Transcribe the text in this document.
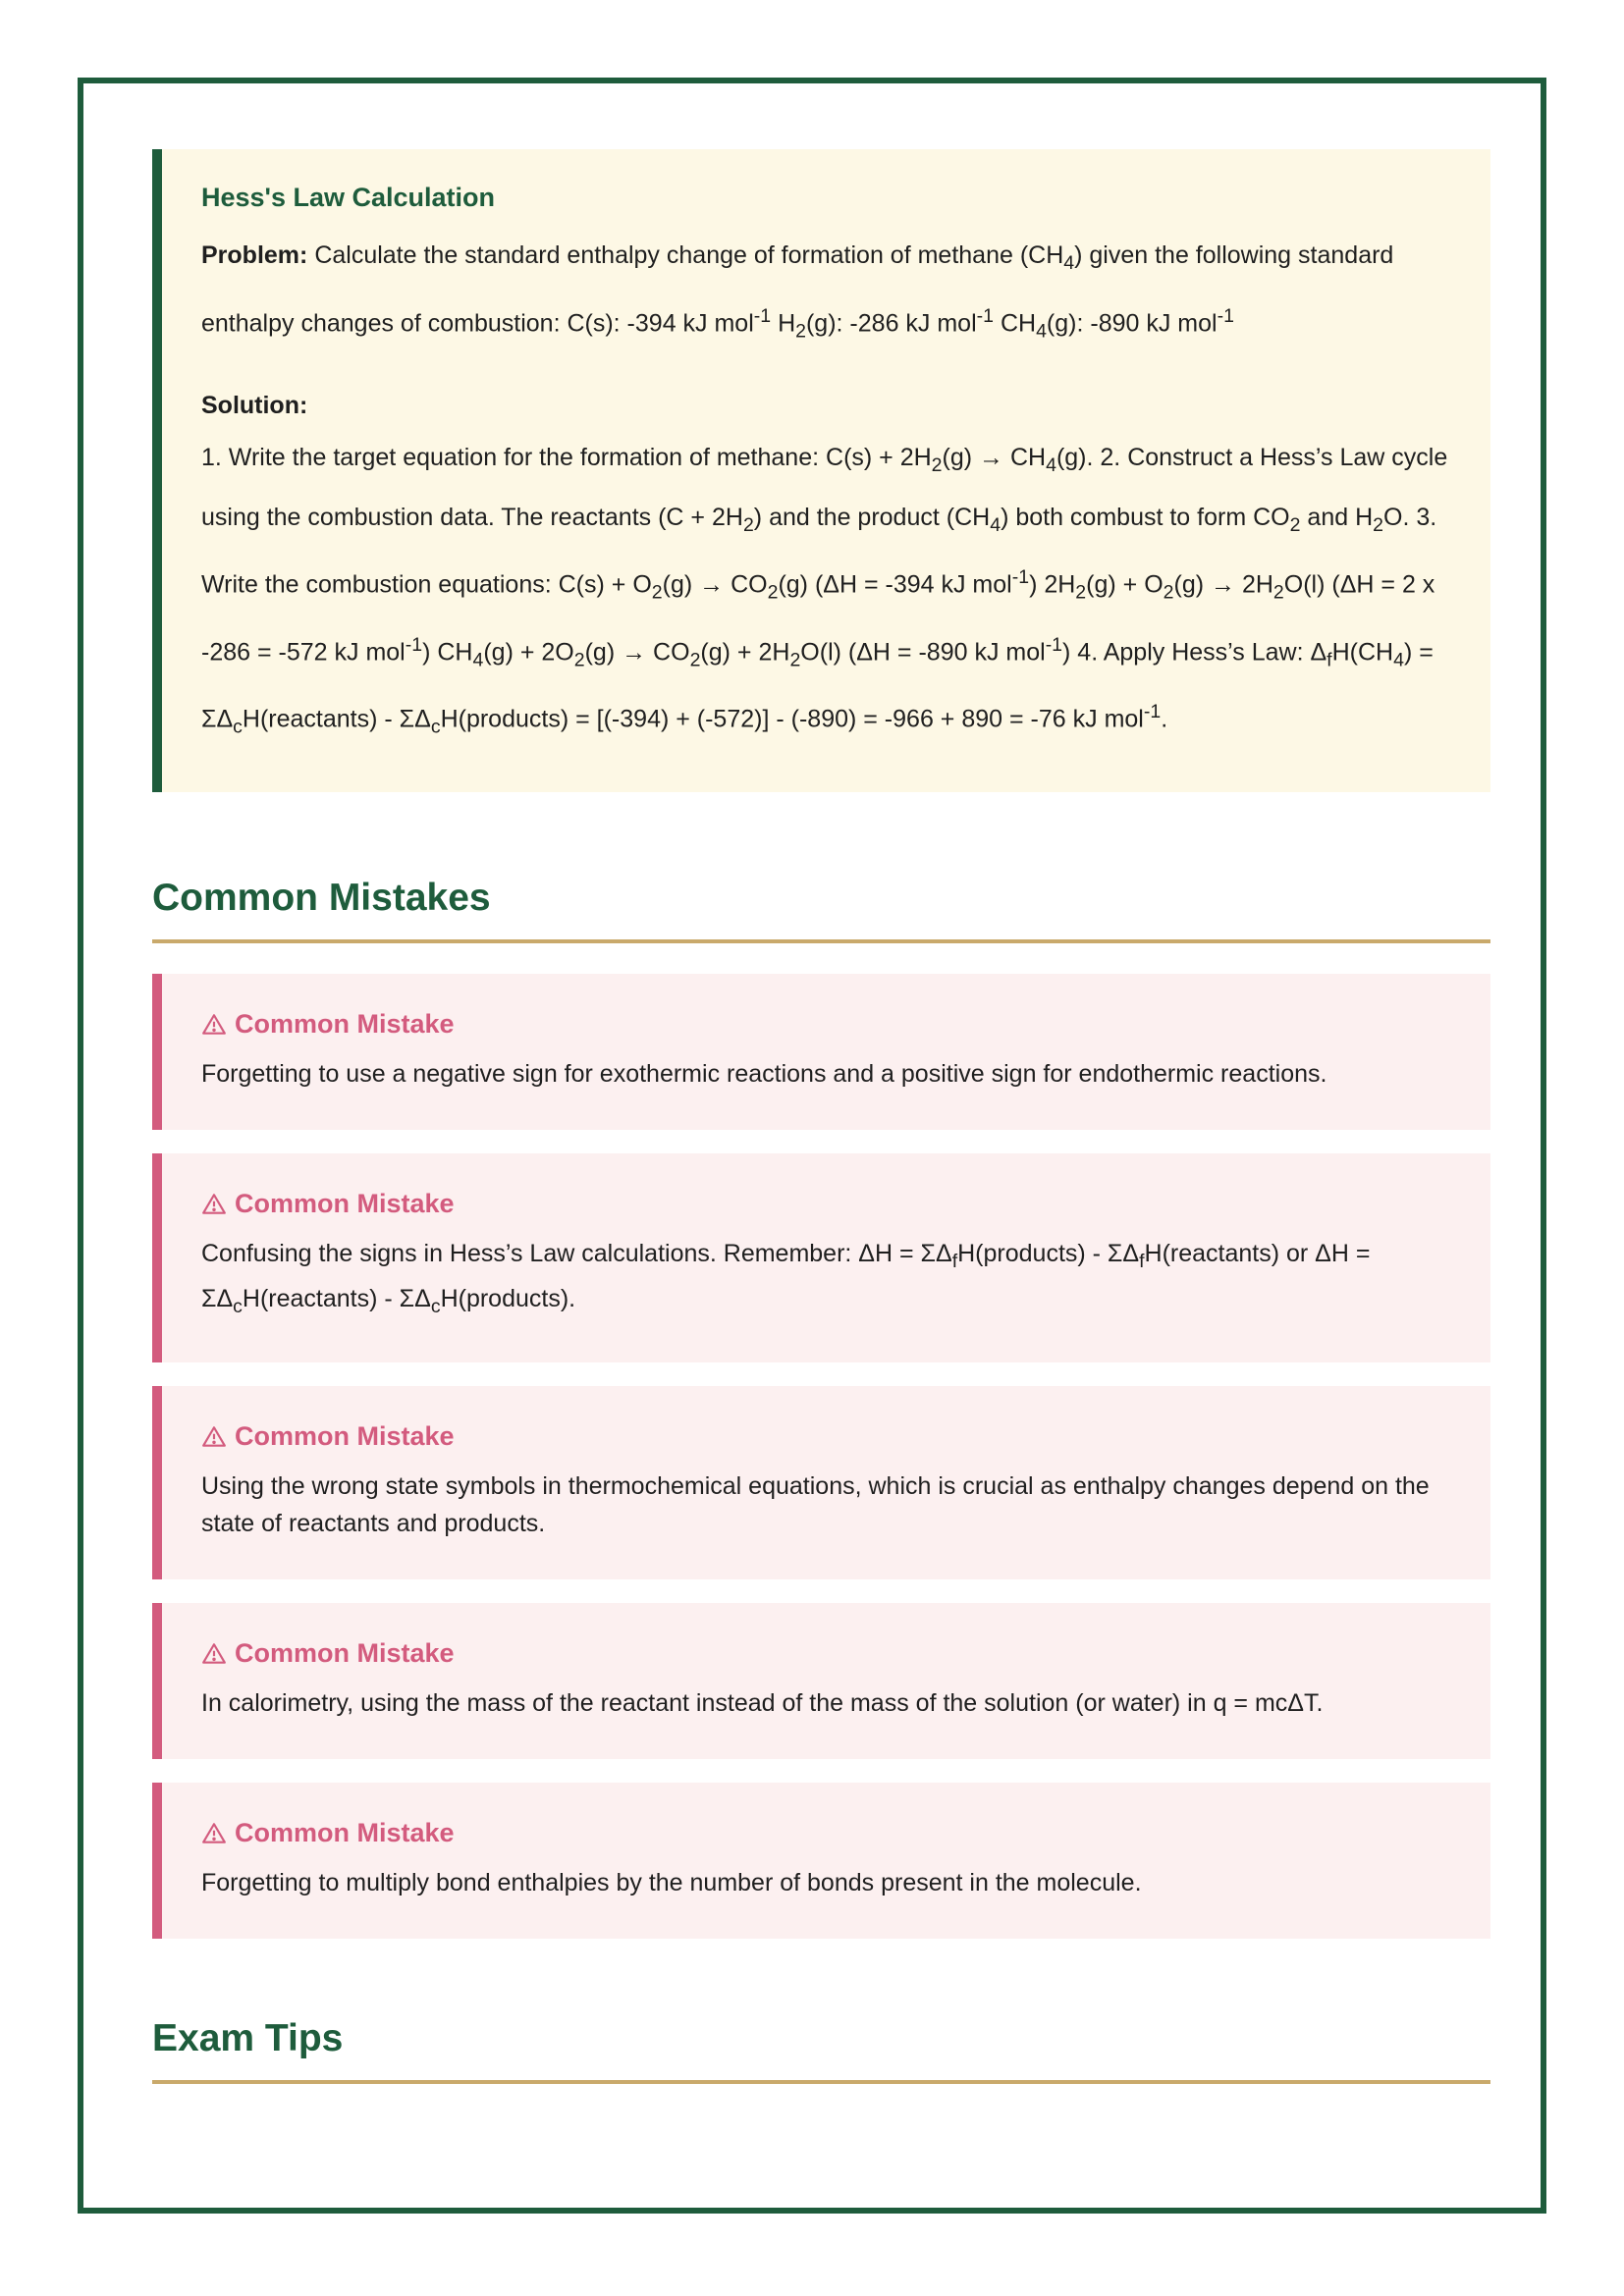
Hess's Law Calculation

Problem: Calculate the standard enthalpy change of formation of methane $(CH_4)$ given the following standard enthalpy changes of combustion: C(s): -394 kJ mol$^{-1}$ $H_2(g)$: -286 kJ mol$^{-1}$ $CH_4(g)$: -890 kJ mol$^{-1}$

Solution:

1. Write the target equation for the formation of methane: $C(s) + 2H_2(g) \to CH_4(g)$. 2. Construct a Hess’s Law cycle using the combustion data. The reactants $(C + 2H_2)$ and the product $(CH_4)$ both combust to form $CO_2$ and $H_2O$. 3. Write the combustion equations: $C(s) + O_2(g) \to CO_2(g) (\Delta H = -394$ kJ mol$^{-1}$) $2H_2(g) + O_2(g) \to 2H_2O(l) (\Delta H = 2$ x -286 = -572 kJ mol$^{-1}$) $CH_4(g) + 2O_2(g) \to CO_2(g) + 2H_2O(l) (\Delta H = -890$ kJ mol$^{-1}$) 4. Apply Hess’s Law: $\Delta_fH(CH_4)$ = $\Sigma\Delta_cH(reactants)$ - $\Sigma\Delta_cH(products) = [(-394) + (-572)] - (-890) = -966 + 890 = -76$ kJ mol$^{-1}$.

Common Mistakes

Common Mistake

Forgetting to use a negative sign for exothermic reactions and a positive sign for endothermic reactions.

Common Mistake

Confusing the signs in Hess’s Law calculations. Remember: $\Delta H = \Sigma\Delta_fH(products)$ - $\Sigma\Delta_fH(reactants)$ or $\Delta H = \Sigma\Delta_cH(reactants)$ - $\Sigma\Delta_cH(products)$.

Common Mistake

Using the wrong state symbols in thermochemical equations, which is crucial as enthalpy changes depend on the state of reactants and products.

Common Mistake

In calorimetry, using the mass of the reactant instead of the mass of the solution (or water) in q = mcΔT.

Common Mistake

Forgetting to multiply bond enthalpies by the number of bonds present in the molecule.

Exam Tips
